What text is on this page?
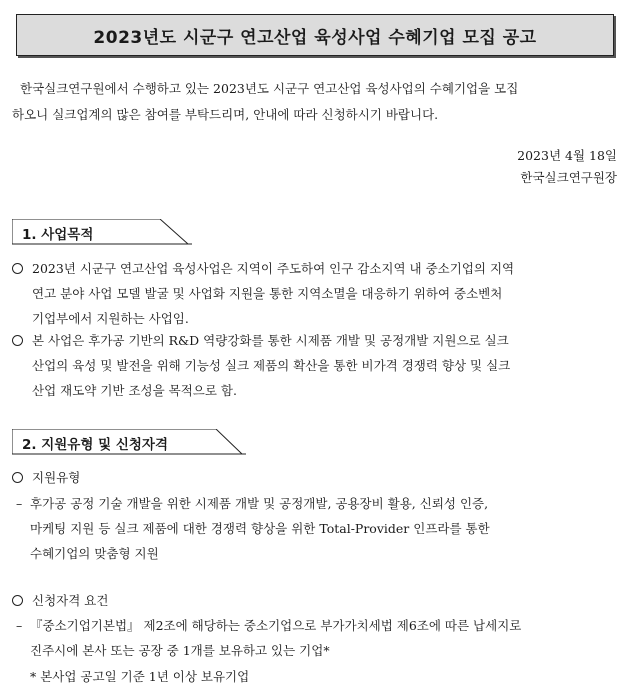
2023년도 시군구 연고산업 육성사업 수혜기업 모집 공고
한국실크연구원에서 수행하고 있는 2023년도 시군구 연고산업 육성사업의 수혜기업을 모집
하오니 실크업계의 많은 참여를 부탁드리며, 안내에 따라 신청하시기 바랍니다.
2023년 4월 18일
한국실크연구원장
1. 사업목적
2023년 시군구 연고산업 육성사업은 지역이 주도하여 인구 감소지역 내 중소기업의 지역
연고 분야 사업 모델 발굴 및 사업화 지원을 통한 지역소멸을 대응하기 위하여 중소벤처
기업부에서 지원하는 사업임.
본 사업은 후가공 기반의 R&D 역량강화를 통한 시제품 개발 및 공정개발 지원으로 실크
산업의 육성 및 발전을 위해 기능성 실크 제품의 확산을 통한 비가격 경쟁력 향상 및 실크
산업 재도약 기반 조성을 목적으로 함.
2. 지원유형 및 신청자격
지원유형
– 후가공 공정 기술 개발을 위한 시제품 개발 및 공정개발, 공용장비 활용, 신뢰성 인증,
마케팅 지원 등 실크 제품에 대한 경쟁력 향상을 위한 Total-Provider 인프라를 통한
수혜기업의 맞춤형 지원
신청자격 요건
– 『중소기업기본법』 제2조에 해당하는 중소기업으로 부가가치세법 제6조에 따른 납세지로
진주시에 본사 또는 공장 중 1개를 보유하고 있는 기업*
* 본사업 공고일 기준 1년 이상 보유기업
